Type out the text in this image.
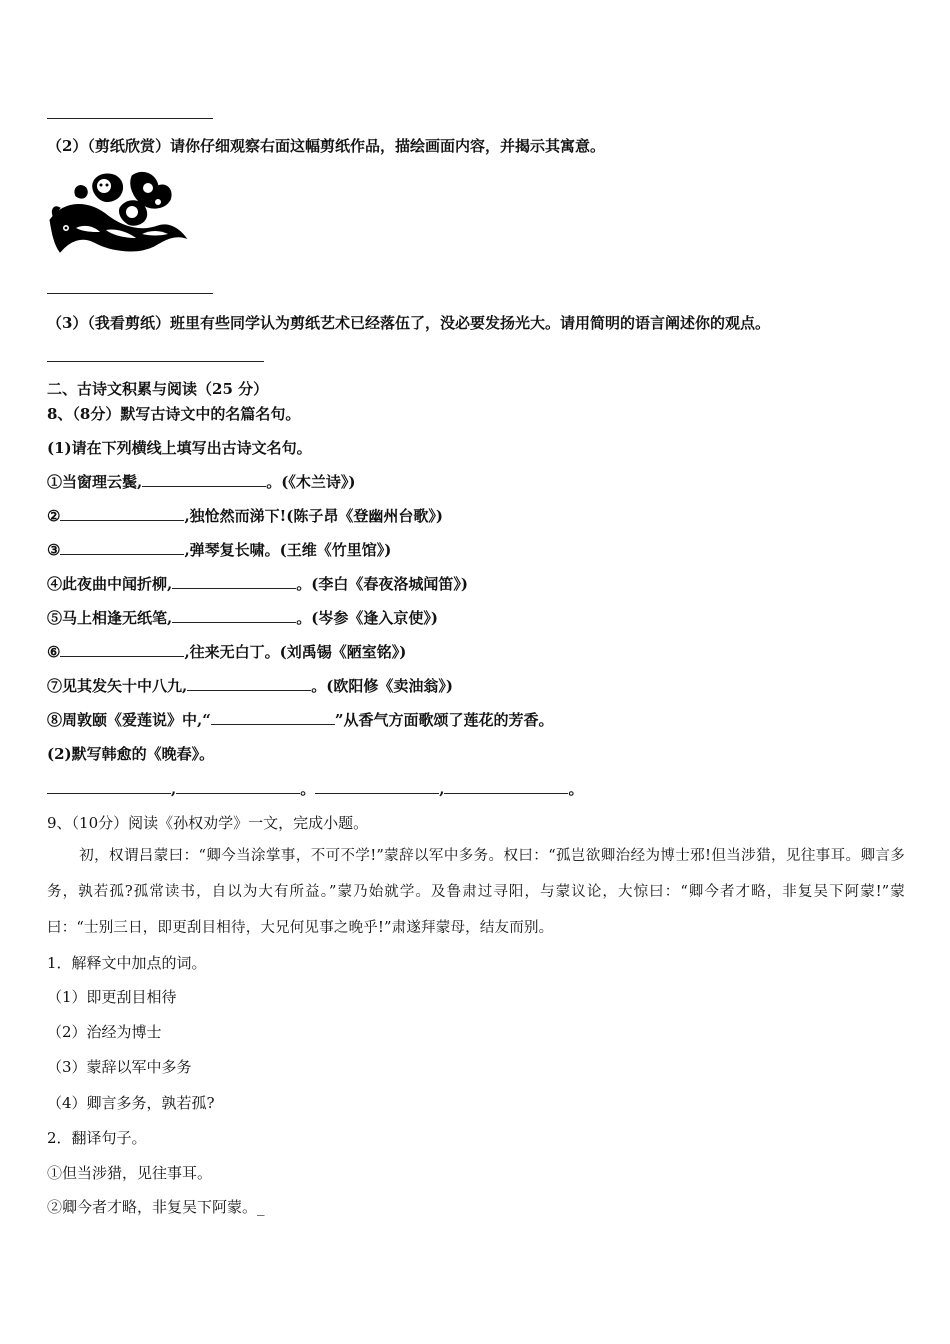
（2）（剪纸欣赏）请你仔细观察右面这幅剪纸作品，描绘画面内容，并揭示其寓意。
（3）（我看剪纸）班里有些同学认为剪纸艺术已经落伍了，没必要发扬光大。请用简明的语言阐述你的观点。
二、古诗文积累与阅读（25 分）
8、（8分）默写古诗文中的名篇名句。
(1)请在下列横线上填写出古诗文名句。
①当窗理云鬓,	。(《木兰诗》)
②	,独怆然而涕下!(陈子昂《登幽州台歌》)
③	,弹琴复长啸。(王维《竹里馆》)
④此夜曲中闻折柳,	。(李白《春夜洛城闻笛》)
⑤马上相逢无纸笔,	。(岑参《逢入京使》)
⑥	,往来无白丁。(刘禹锡《陋室铭》)
⑦见其发矢十中八九,	。(欧阳修《卖油翁》)
⑧周敦颐《爱莲说》中,“	”从香气方面歌颂了莲花的芳香。
(2)默写韩愈的《晚春》。
,	。	,	。
9、（10分）阅读《孙权劝学》一文，完成小题。
初，权谓吕蒙曰：“卿今当涂掌事，不可不学!”蒙辞以军中多务。权曰：“孤岂欲卿治经为博士邪!但当涉猎，见往事耳。卿言多务，孰若孤?孤常读书，自以为大有所益。”蒙乃始就学。及鲁肃过寻阳，与蒙议论，大惊曰：“卿今者才略，非复吴下阿蒙!”蒙曰：“士别三日，即更刮目相待，大兄何见事之晚乎!”肃遂拜蒙母，结友而别。
1．解释文中加点的词。
（1）即更刮目相待
（2）治经为博士
（3）蒙辞以军中多务
（4）卿言多务，孰若孤?
2．翻译句子。
①但当涉猎，见往事耳。
②卿今者才略，非复吴下阿蒙。_
